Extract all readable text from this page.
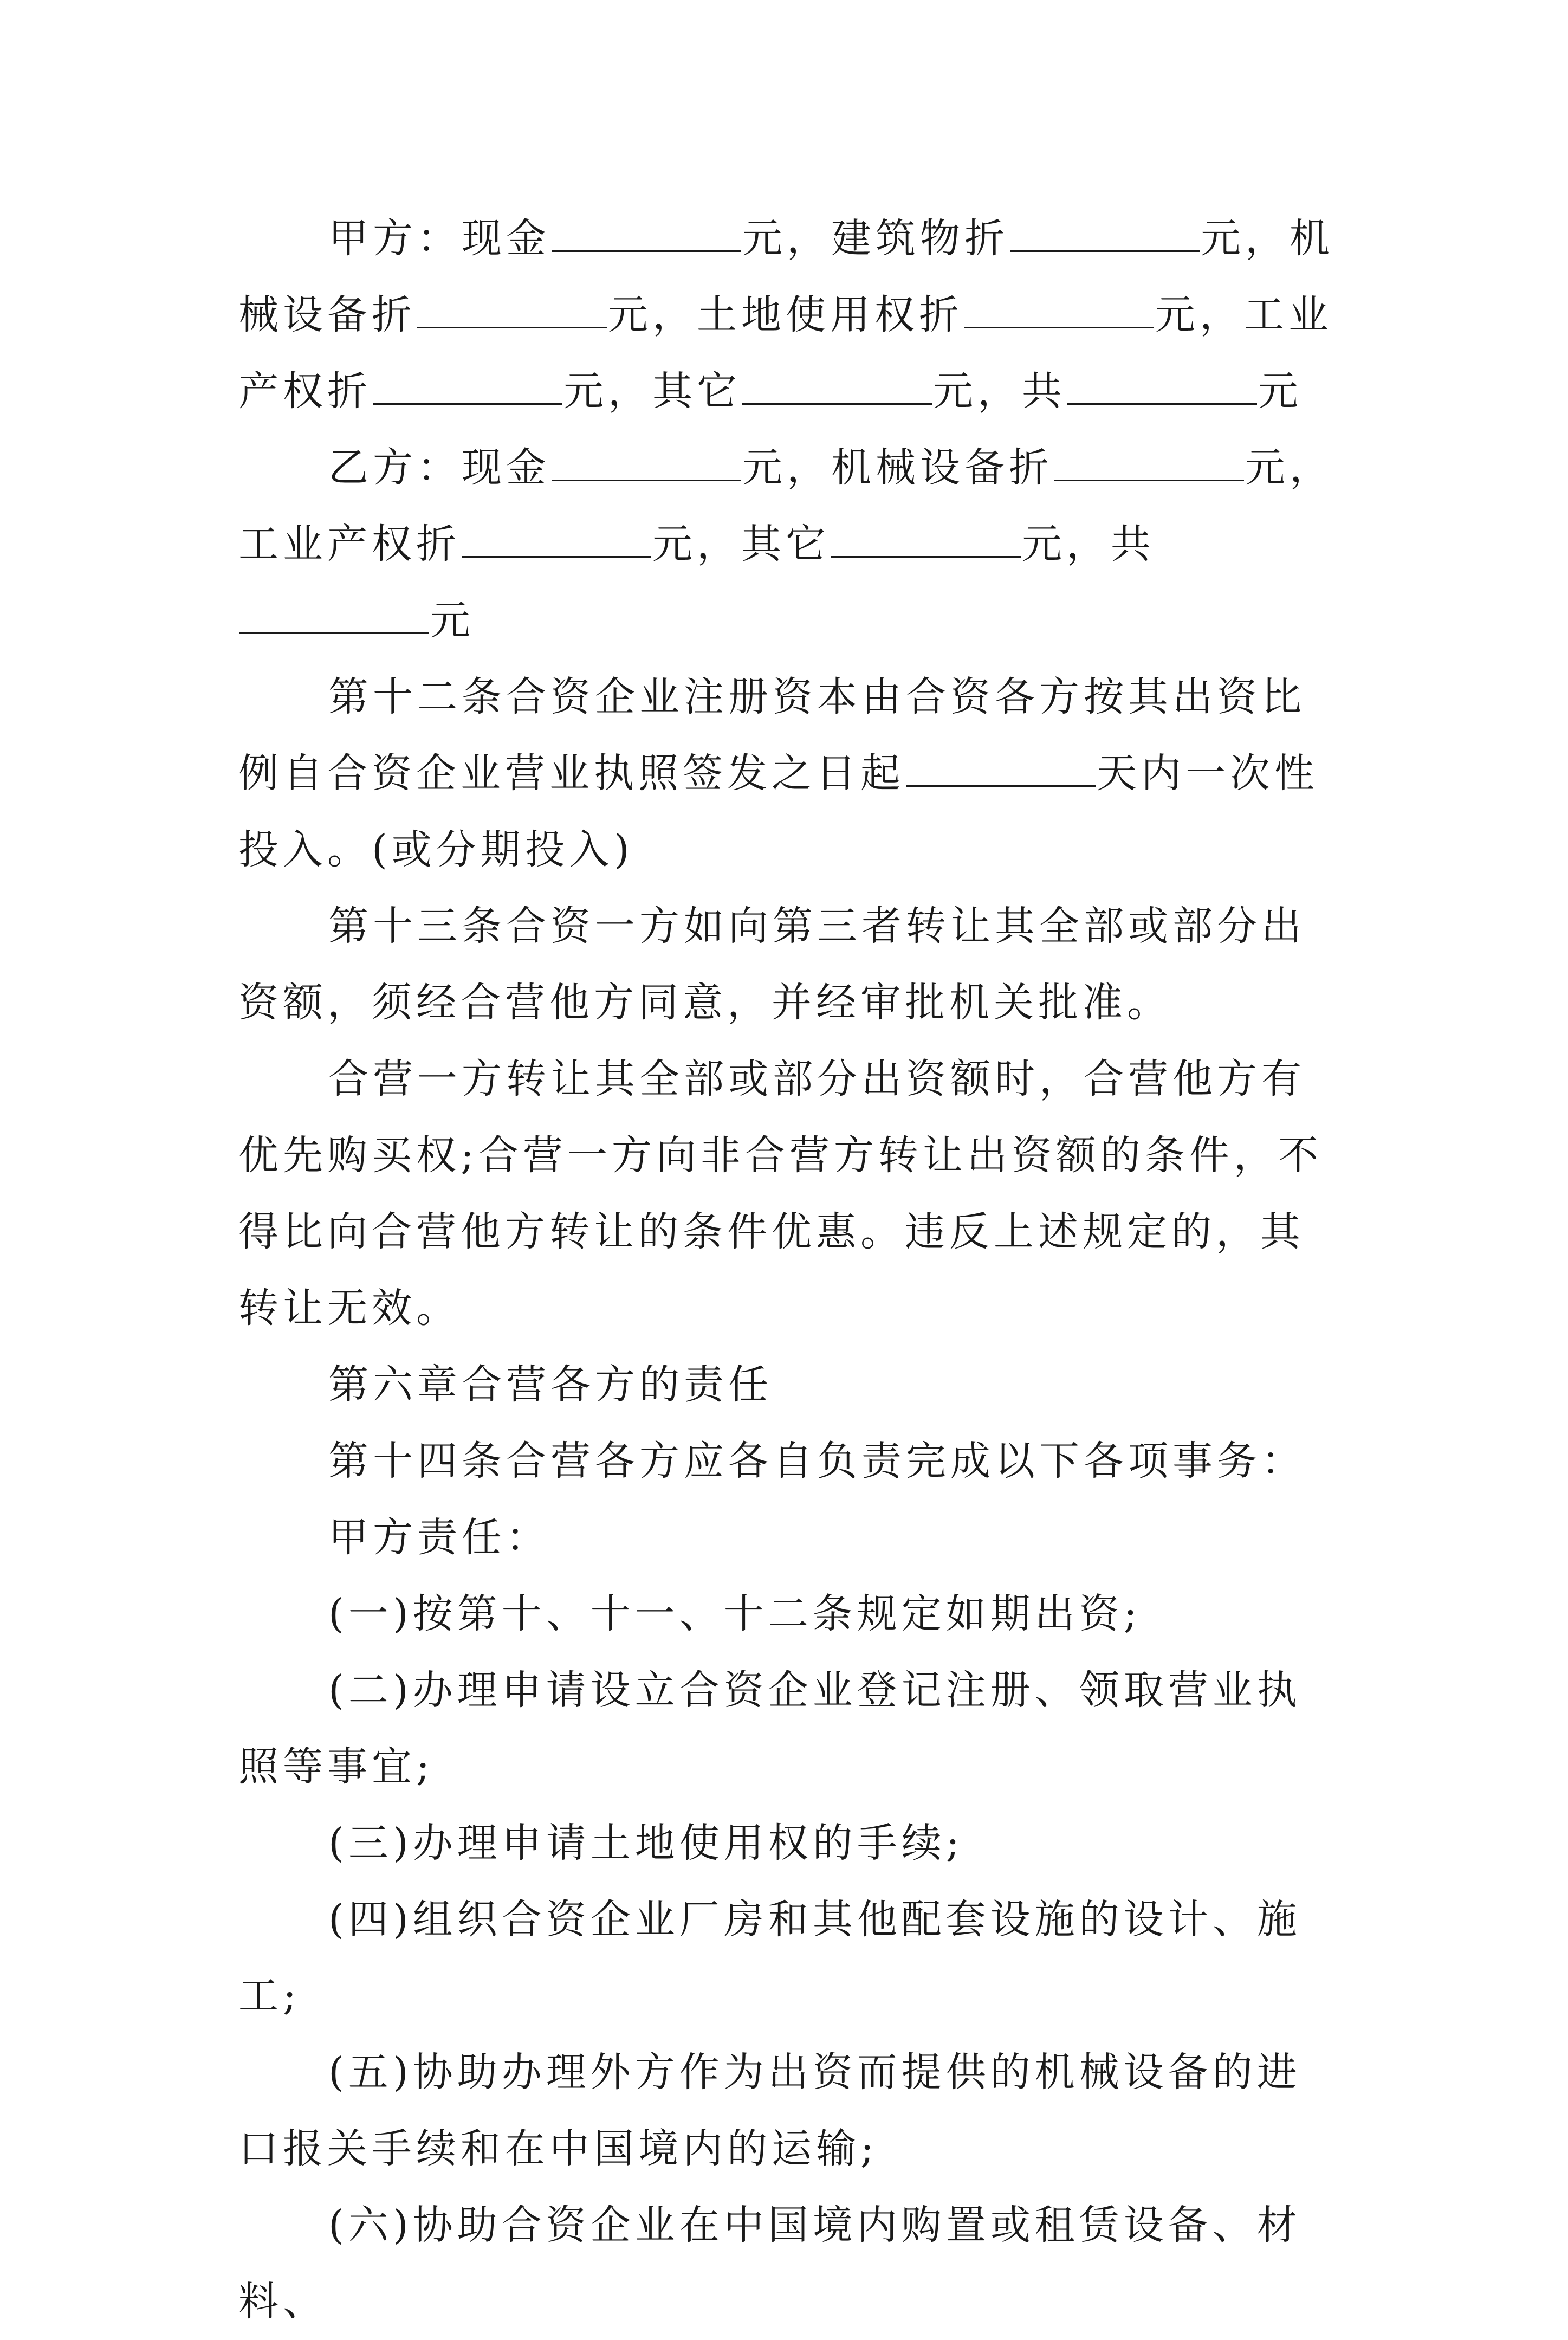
甲方：现金	元，建筑物折	元，机械设备折	元，土地使用权折	元，工业产权折	元，其它	元，共	元

乙方：现金	元，机械设备折	元，工业产权折	元，其它	元，共元

第十二条合资企业注册资本由合资各方按其出资比例自合资企业营业执照签发之日起	天内一次性投入。(或分期投入)

第十三条合资一方如向第三者转让其全部或部分出资额，须经合营他方同意，并经审批机关批准。

合营一方转让其全部或部分出资额时，合营他方有优先购买权;合营一方向非合营方转让出资额的条件，不得比向合营他方转让的条件优惠。违反上述规定的，其转让无效。

第六章合营各方的责任

第十四条合营各方应各自负责完成以下各项事务：

甲方责任：

(一)按第十、十一、十二条规定如期出资;

(二)办理申请设立合资企业登记注册、领取营业执照等事宜;

(三)办理申请土地使用权的手续;

(四)组织合资企业厂房和其他配套设施的设计、施工;

(五)协助办理外方作为出资而提供的机械设备的进口报关手续和在中国境内的运输;

(六)协助合资企业在中国境内购置或租赁设备、材料、
